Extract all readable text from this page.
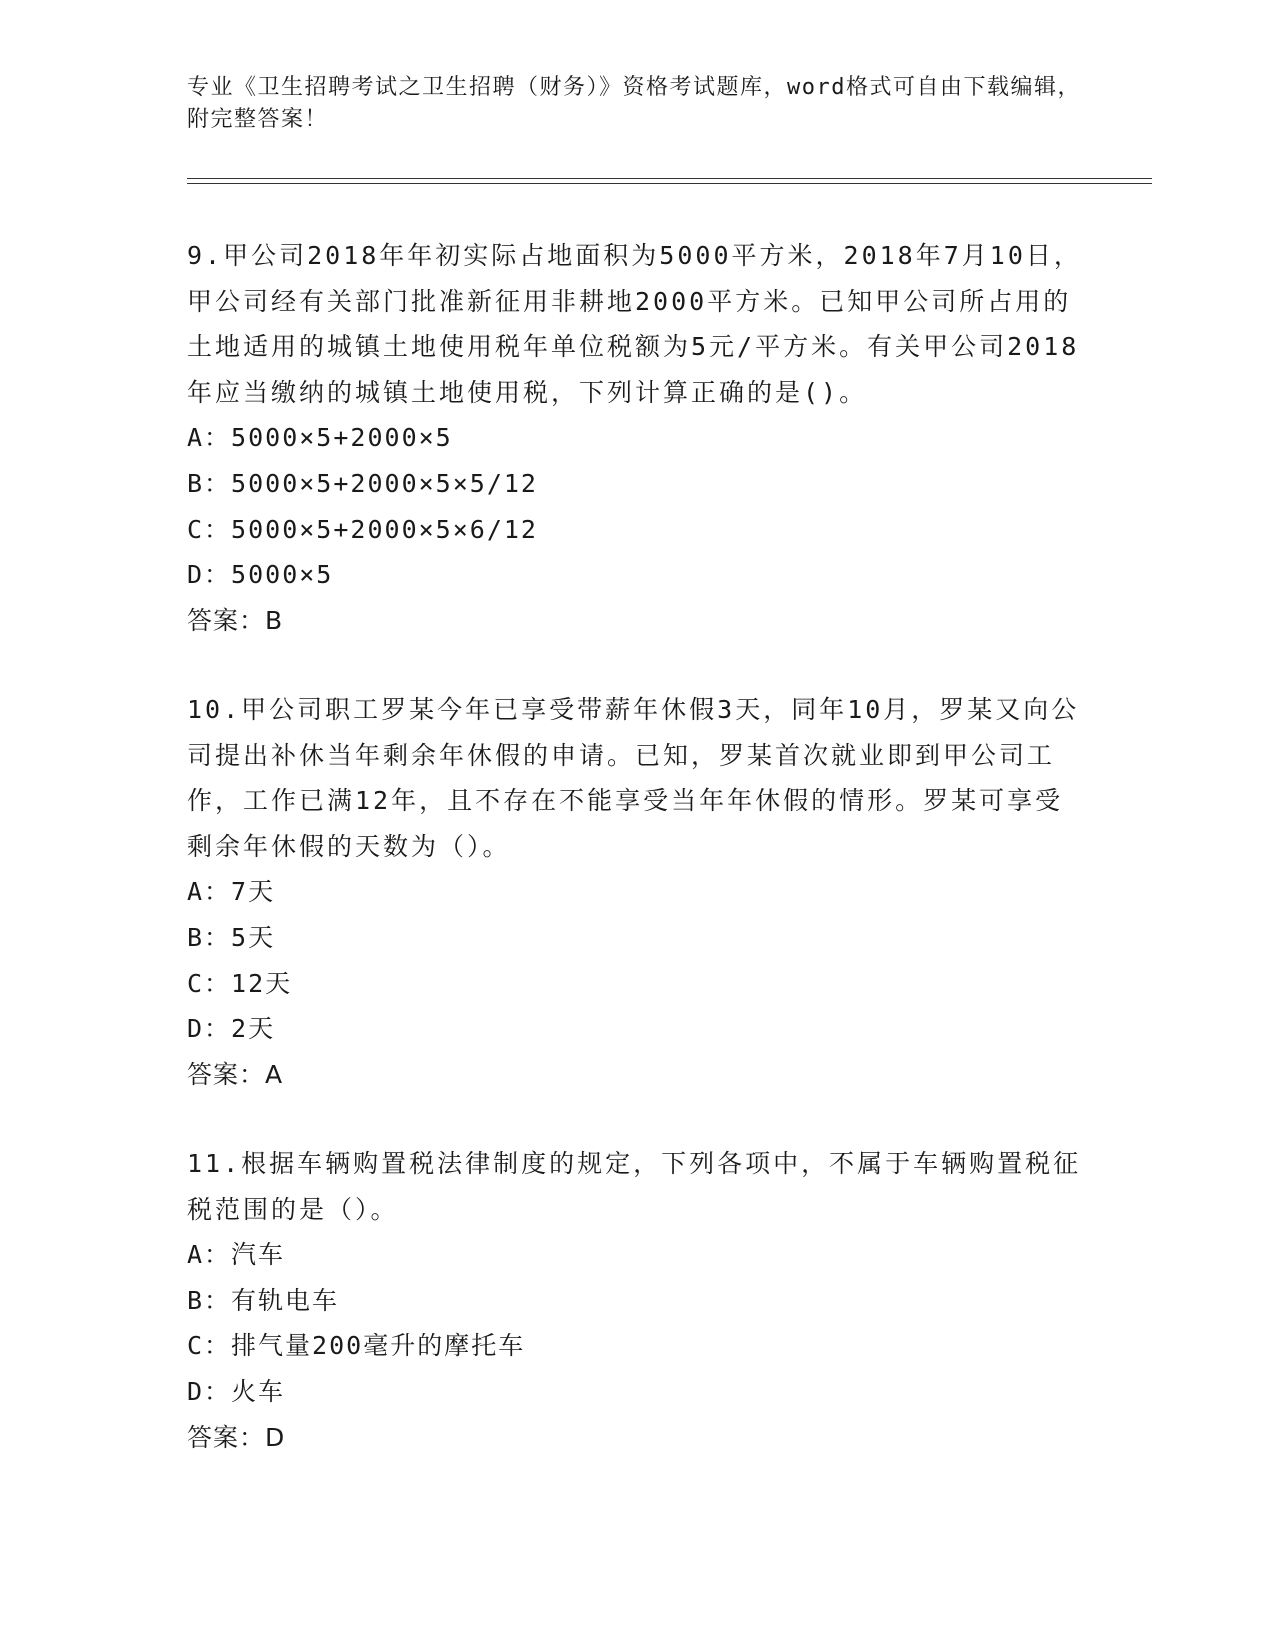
专业《卫生招聘考试之卫生招聘（财务）》资格考试题库，word格式可自由下载编辑，附完整答案！

9.甲公司2018年年初实际占地面积为5000平方米，2018年7月10日，甲公司经有关部门批准新征用非耕地2000平方米。已知甲公司所占用的土地适用的城镇土地使用税年单位税额为5元/平方米。有关甲公司2018年应当缴纳的城镇土地使用税，下列计算正确的是()。

A：5000×5+2000×5

B：5000×5+2000×5×5/12

C：5000×5+2000×5×6/12

D：5000×5

答案：B

10.甲公司职工罗某今年已享受带薪年休假3天，同年10月，罗某又向公司提出补休当年剩余年休假的申请。已知，罗某首次就业即到甲公司工作，工作已满12年，且不存在不能享受当年年休假的情形。罗某可享受剩余年休假的天数为（）。

A：7天

B：5天

C：12天

D：2天

答案：A

11.根据车辆购置税法律制度的规定，下列各项中，不属于车辆购置税征税范围的是（）。

A：汽车

B：有轨电车

C：排气量200毫升的摩托车

D：火车

答案：D
